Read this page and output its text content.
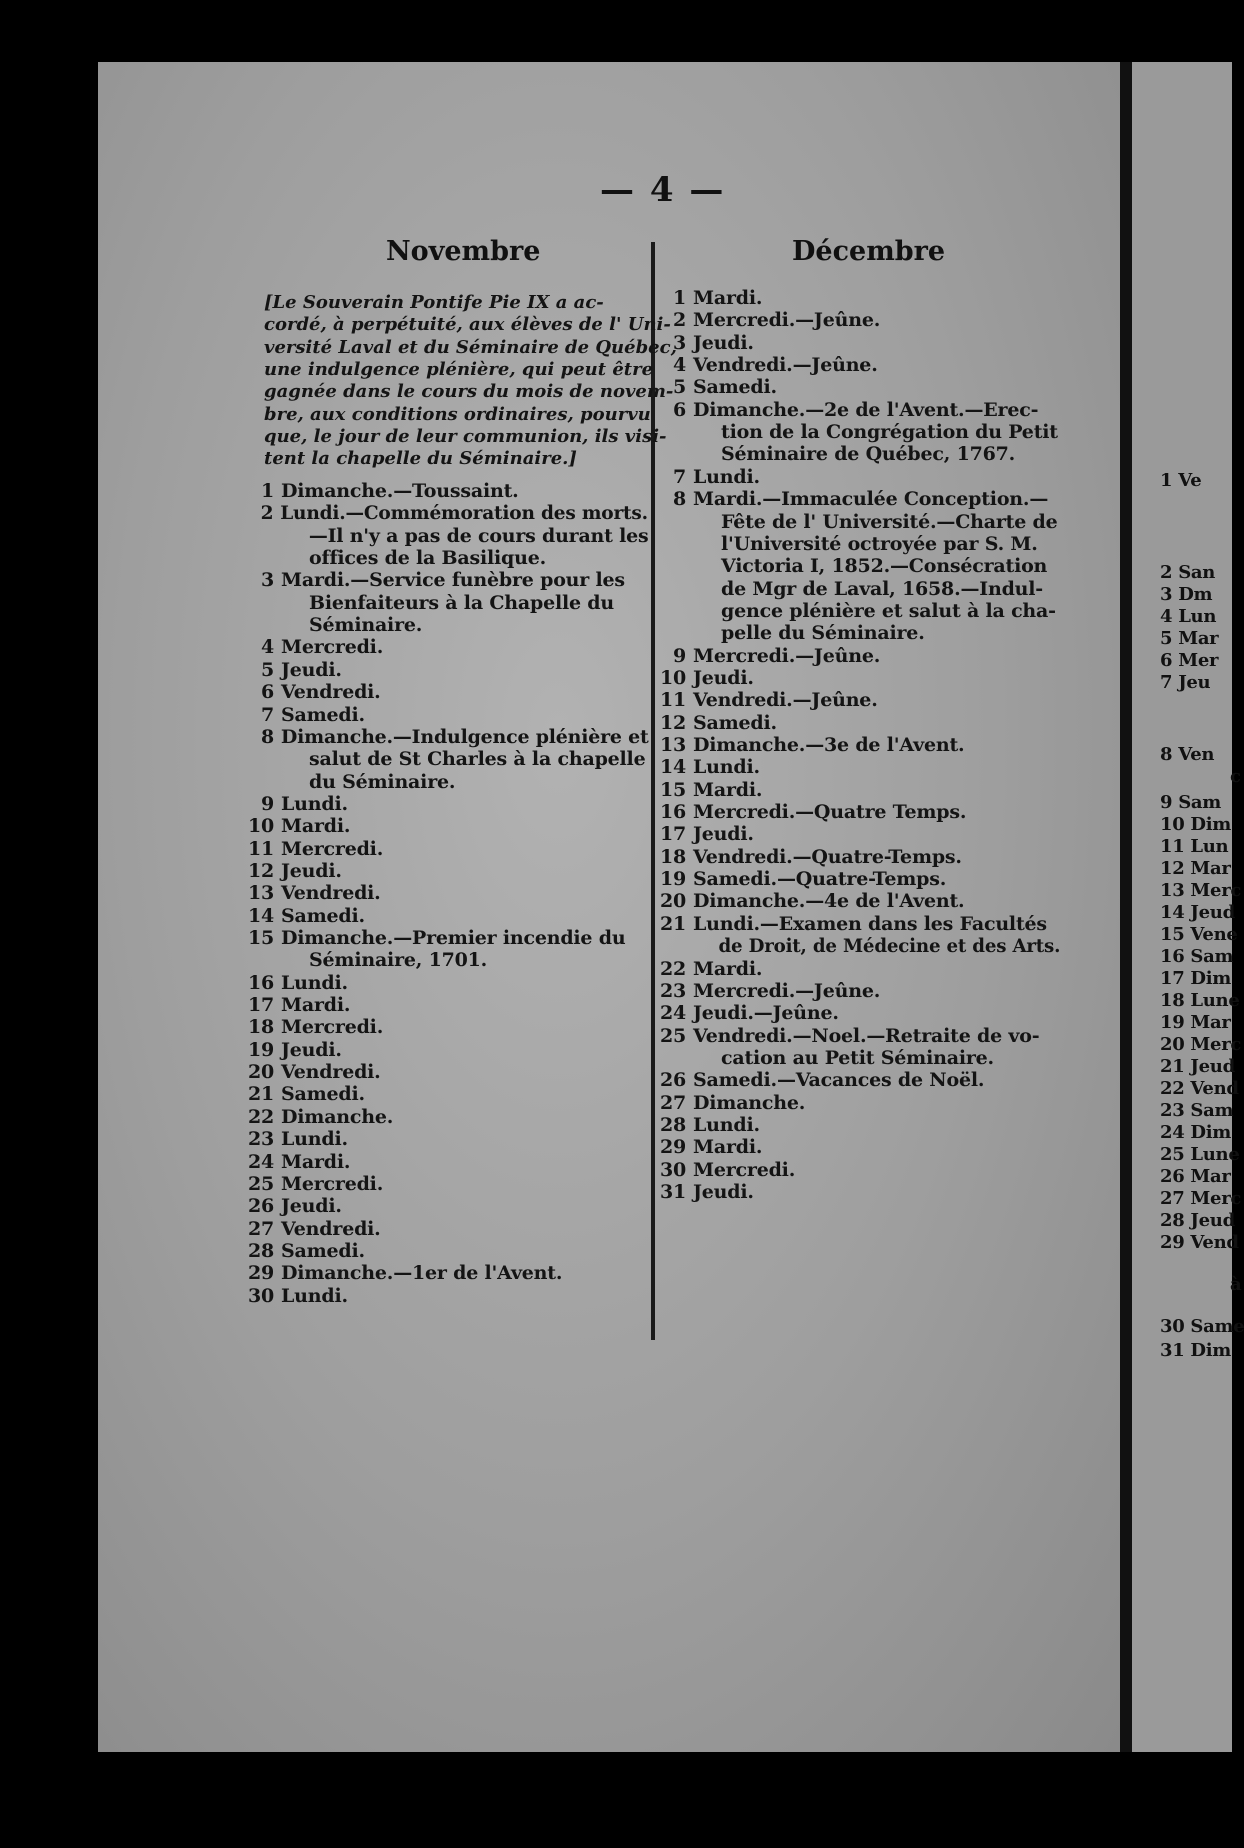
1 Ve
2 San
3 Dm
4 Lun
5 Mar
6 Mer
7 Jeu
8 Ven
c
9 Sam
10 Dim
11 Lun
12 Mar
13 Merc
14 Jeud
15 Vene
16 Sam
17 Dim
18 Lune
19 Mar
20 Merc
21 Jeud
22 Vend
23 Sam
24 Dim
25 Lune
26 Mar
27 Merc
28 Jeud
29 Vend
à
30 Same
31 Dim
— 4 —
Novembre	Décembre
[Le Souverain Pontife Pie IX a ac-
cordé, à perpétuité, aux élèves de l' Uni-
versité Laval et du Séminaire de Québec,
une indulgence plénière, qui peut être
gagnée dans le cours du mois de novem-
bre, aux conditions ordinaires, pourvu
que, le jour de leur communion, ils visi-
tent la chapelle du Séminaire.]
1 Dimanche.—Toussaint.
2 Lundi.—Commémoration des morts.
—Il n'y a pas de cours durant les
offices de la Basilique.
3 Mardi.—Service funèbre pour les
Bienfaiteurs à la Chapelle du
Séminaire.
4 Mercredi.
5 Jeudi.
6 Vendredi.
7 Samedi.
8 Dimanche.—Indulgence plénière et
salut de St Charles à la chapelle
du Séminaire.
9 Lundi.
10 Mardi.
11 Mercredi.
12 Jeudi.
13 Vendredi.
14 Samedi.
15 Dimanche.—Premier incendie du
Séminaire, 1701.
16 Lundi.
17 Mardi.
18 Mercredi.
19 Jeudi.
20 Vendredi.
21 Samedi.
22 Dimanche.
23 Lundi.
24 Mardi.
25 Mercredi.
26 Jeudi.
27 Vendredi.
28 Samedi.
29 Dimanche.—1er de l'Avent.
30 Lundi.
1 Mardi.
2 Mercredi.—Jeûne.
3 Jeudi.
4 Vendredi.—Jeûne.
5 Samedi.
6 Dimanche.—2e de l'Avent.—Erec-
tion de la Congrégation du Petit
Séminaire de Québec, 1767.
7 Lundi.
8 Mardi.—Immaculée Conception.—
Fête de l' Université.—Charte de
l'Université octroyée par S. M.
Victoria I, 1852.—Consécration
de Mgr de Laval, 1658.—Indul-
gence plénière et salut à la cha-
pelle du Séminaire.
9 Mercredi.—Jeûne.
10 Jeudi.
11 Vendredi.—Jeûne.
12 Samedi.
13 Dimanche.—3e de l'Avent.
14 Lundi.
15 Mardi.
16 Mercredi.—Quatre Temps.
17 Jeudi.
18 Vendredi.—Quatre-Temps.
19 Samedi.—Quatre-Temps.
20 Dimanche.—4e de l'Avent.
21 Lundi.—Examen dans les Facultés
de Droit, de Médecine et des Arts.
22 Mardi.
23 Mercredi.—Jeûne.
24 Jeudi.—Jeûne.
25 Vendredi.—Noel.—Retraite de vo-
cation au Petit Séminaire.
26 Samedi.—Vacances de Noël.
27 Dimanche.
28 Lundi.
29 Mardi.
30 Mercredi.
31 Jeudi.
